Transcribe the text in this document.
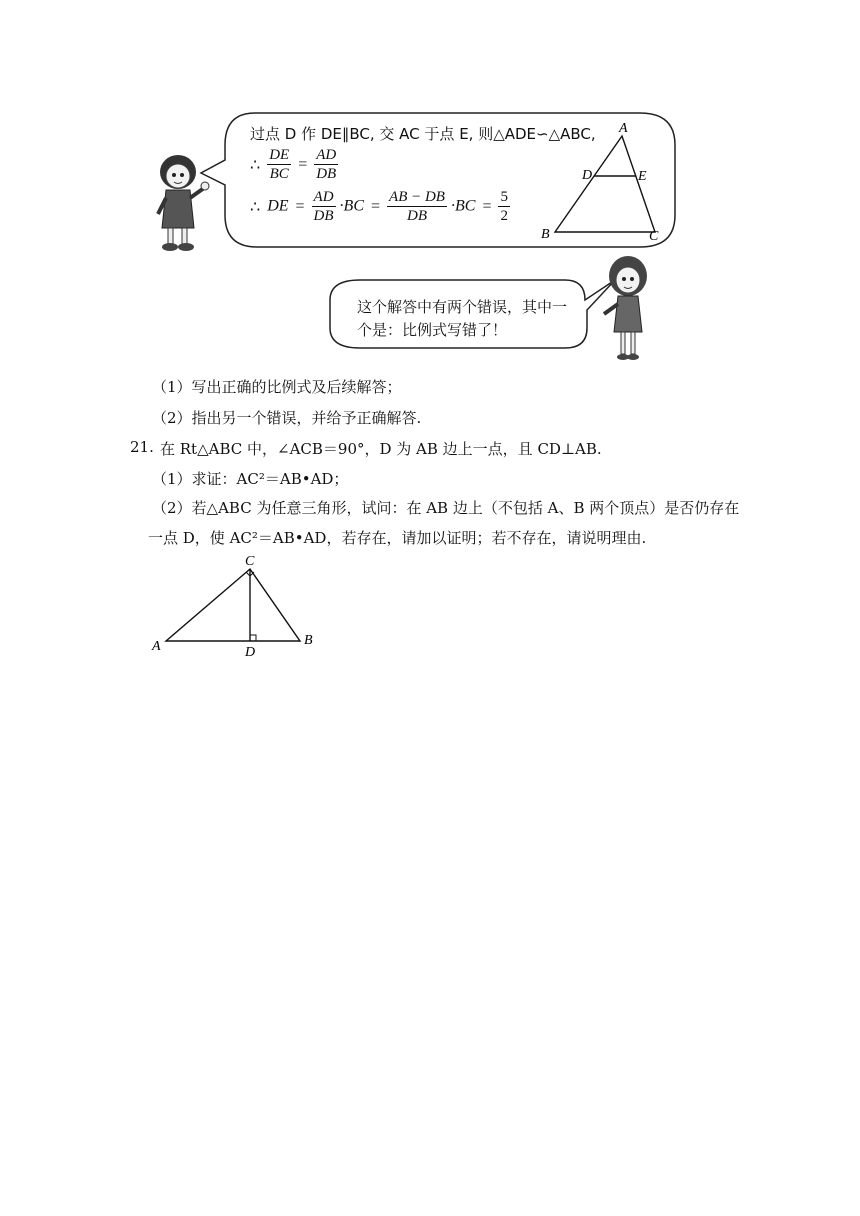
过点 D 作 DE∥BC, 交 AC 于点 E, 则△ADE∽△ABC,
∴ $\frac{DE}{BC} = \frac{AD}{DB}$
∴ DE = $\frac{AD}{DB} \cdot BC = \frac{AB - DB}{DB} \cdot BC = \frac{5}{2}$
A
D	E
B	C
这个解答中有两个错误，其中一
个是：比例式写错了！
（1）写出正确的比例式及后续解答；
（2）指出另一个错误，并给予正确解答.
21. 在 Rt△ABC 中，∠ACB＝90°，D 为 AB 边上一点，且 CD⊥AB.
（1）求证：AC²＝AB•AD；
（2）若△ABC 为任意三角形，试问：在 AB 边上（不包括 A、B 两个顶点）是否仍存在
一点 D，使 AC²＝AB•AD，若存在，请加以证明；若不存在，请说明理由.
C
A	B
D
